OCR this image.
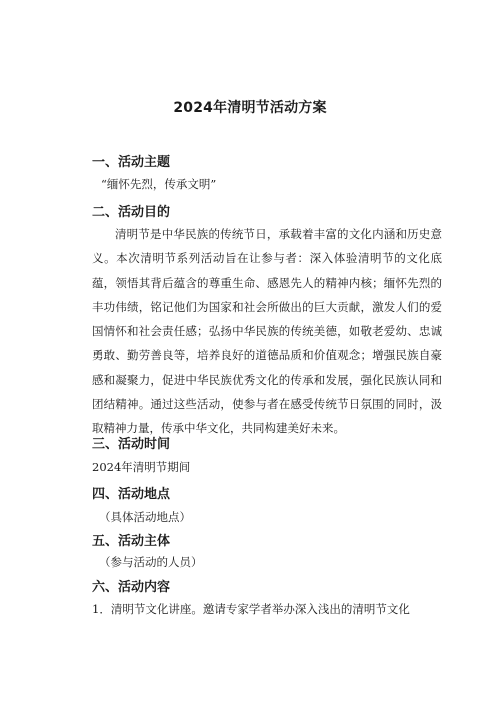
2024年清明节活动方案
一、活动主题
“缅怀先烈，传承文明”
二、活动目的
清明节是中华民族的传统节日，承载着丰富的文化内涵和历史意义。本次清明节系列活动旨在让参与者：深入体验清明节的文化底蕴，领悟其背后蕴含的尊重生命、感恩先人的精神内核；缅怀先烈的丰功伟绩，铭记他们为国家和社会所做出的巨大贡献，激发人们的爱国情怀和社会责任感；弘扬中华民族的传统美德，如敬老爱幼、忠诚勇敢、勤劳善良等，培养良好的道德品质和价值观念；增强民族自豪感和凝聚力，促进中华民族优秀文化的传承和发展，强化民族认同和团结精神。通过这些活动，使参与者在感受传统节日氛围的同时，汲取精神力量，传承中华文化，共同构建美好未来。
三、活动时间
2024年清明节期间
四、活动地点
（具体活动地点）
五、活动主体
（参与活动的人员）
六、活动内容
1．清明节文化讲座。邀请专家学者举办深入浅出的清明节文化
